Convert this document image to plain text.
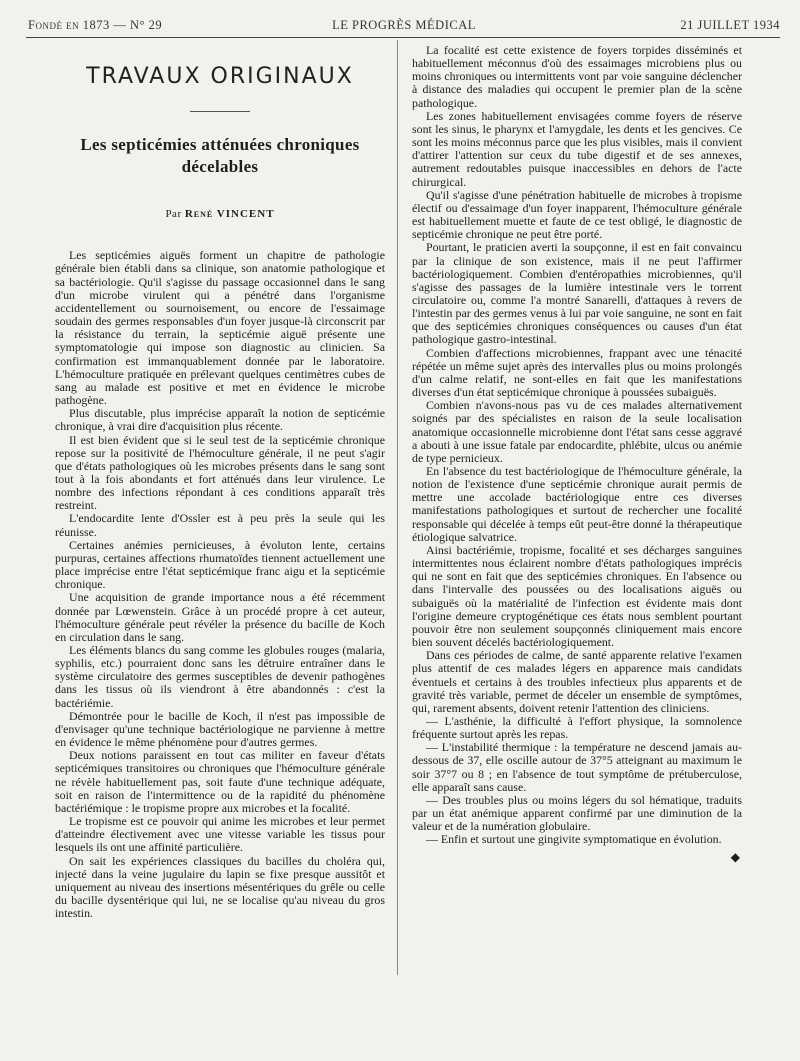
Fondé en 1873 — N° 29	LE PROGRÈS MÉDICAL	21 JUILLET 1934
TRAVAUX ORIGINAUX
Les septicémies atténuées chroniques décelables
Par René VINCENT

Les septicémies aiguës forment un chapitre de pathologie générale bien établi dans sa clinique, son anatomie pathologique et sa bactériologie. Qu'il s'agisse du passage occasionnel dans le sang d'un microbe virulent qui a pénétré dans l'organisme accidentellement ou sournoisement, ou encore de l'essaimage soudain des germes responsables d'un foyer jusque-là circonscrit par la résistance du terrain, la septicémie aiguë présente une symptomatologie qui impose son diagnostic au clinicien. Sa confirmation est immanquablement donnée par le laboratoire. L'hémoculture pratiquée en prélevant quelques centimètres cubes de sang au malade est positive et met en évidence le microbe pathogène.

Plus discutable, plus imprécise apparaît la notion de septicémie chronique, à vrai dire d'acquisition plus récente.

Il est bien évident que si le seul test de la septicémie chronique repose sur la positivité de l'hémoculture générale, il ne peut s'agir que d'états pathologiques où les microbes présents dans le sang sont tout à la fois abondants et fort atténués dans leur virulence. Le nombre des infections répondant à ces conditions apparaît très restreint.

L'endocardite lente d'Ossler est à peu près la seule qui les réunisse.

Certaines anémies pernicieuses, à évoluton lente, certains purpuras, certaines affections rhumatoïdes tiennent actuellement une place imprécise entre l'état septicémique franc aigu et la septicémie chronique.

Une acquisition de grande importance nous a été récemment donnée par Lœwenstein. Grâce à un procédé propre à cet auteur, l'hémoculture générale peut révéler la présence du bacille de Koch en circulation dans le sang.

Les éléments blancs du sang comme les globules rouges (malaria, syphilis, etc.) pourraient donc sans les détruire entraîner dans le système circulatoire des germes susceptibles de devenir pathogènes dans les tissus où ils viendront à être abandonnés : c'est la bactériémie.

Démontrée pour le bacille de Koch, il n'est pas impossible de d'envisager qu'une technique bactériologique ne parvienne à mettre en évidence le même phénomène pour d'autres germes.

Deux notions paraissent en tout cas militer en faveur d'états septicémiques transitoires ou chroniques que l'hémoculture générale ne révèle habituellement pas, soit faute d'une technique adéquate, soit en raison de l'intermittence ou de la rapidité du phénomène bactériémique : le tropisme propre aux microbes et la focalité.

Le tropisme est ce pouvoir qui anime les microbes et leur permet d'atteindre électivement avec une vitesse variable les tissus pour lesquels ils ont une affinité particulière.

On sait les expériences classiques du bacilles du choléra qui, injecté dans la veine jugulaire du lapin se fixe presque aussitôt et uniquement au niveau des insertions mésentériques du grêle ou celle du bacille dysentérique qui lui, ne se localise qu'au niveau du gros intestin.

La focalité est cette existence de foyers torpides disséminés et habituellement méconnus d'où des essaimages microbiens plus ou moins chroniques ou intermittents vont par voie sanguine déclencher à distance des maladies qui occupent le premier plan de la scène pathologique.

Les zones habituellement envisagées comme foyers de réserve sont les sinus, le pharynx et l'amygdale, les dents et les gencives. Ce sont les moins méconnus parce que les plus visibles, mais il convient d'attirer l'attention sur ceux du tube digestif et de ses annexes, autrement redoutables puisque inaccessibles en dehors de l'acte chirurgical.

Qu'il s'agisse d'une pénétration habituelle de microbes à tropisme électif ou d'essaimage d'un foyer inapparent, l'hémoculture générale est habituellement muette et faute de ce test obligé, le diagnostic de septicémie chronique ne peut être porté.

Pourtant, le praticien averti la soupçonne, il est en fait convaincu par la clinique de son existence, mais il ne peut l'affirmer bactériologiquement. Combien d'entéropathies microbiennes, qu'il s'agisse des passages de la lumière intestinale vers le torrent circulatoire ou, comme l'a montré Sanarelli, d'attaques à revers de l'intestin par des germes venus à lui par voie sanguine, ne sont en fait que des septicémies chroniques conséquences ou causes d'un état pathologique gastro-intestinal.

Combien d'affections microbiennes, frappant avec une ténacité répétée un même sujet après des intervalles plus ou moins prolongés d'un calme relatif, ne sont-elles en fait que les manifestations diverses d'un état septicémique chronique à poussées subaiguës.

Combien n'avons-nous pas vu de ces malades alternativement soignés par des spécialistes en raison de la seule localisation anatomique occasionnelle microbienne dont l'état sans cesse aggravé a abouti à une issue fatale par endocardite, phlébite, ulcus ou anémie de type pernicieux.

En l'absence du test bactériologique de l'hémoculture générale, la notion de l'existence d'une septicémie chronique aurait permis de mettre une accolade bactériologique entre ces diverses manifestations pathologiques et surtout de rechercher une focalité responsable qui décelée à temps eût peut-être donné la thérapeutique étiologique salvatrice.

Ainsi bactériémie, tropisme, focalité et ses décharges sanguines intermittentes nous éclairent nombre d'états pathologiques imprécis qui ne sont en fait que des septicémies chroniques. En l'absence ou dans l'intervalle des poussées ou des localisations aiguës ou subaiguës où la matérialité de l'infection est évidente mais dont l'origine demeure cryptogénétique ces états nous semblent pourtant pouvoir être non seulement soupçonnés cliniquement mais encore bien souvent décelés bactériologiquement.

Dans ces périodes de calme, de santé apparente relative l'examen plus attentif de ces malades légers en apparence mais candidats éventuels et certains à des troubles infectieux plus apparents et de gravité très variable, permet de déceler un ensemble de symptômes, qui, rarement absents, doivent retenir l'attention des cliniciens.

— L'asthénie, la difficulté à l'effort physique, la somnolence fréquente surtout après les repas.

— L'instabilité thermique : la température ne descend jamais au-dessous de 37, elle oscille autour de 37°5 atteignant au maximum le soir 37°7 ou 8 ; en l'absence de tout symptôme de prétuberculose, elle apparaît sans cause.

— Des troubles plus ou moins légers du sol hématique, traduits par un état anémique apparent confirmé par une diminution de la valeur et de la numération globulaire.

— Enfin et surtout une gingivite symptomatique en évolution.

◆
